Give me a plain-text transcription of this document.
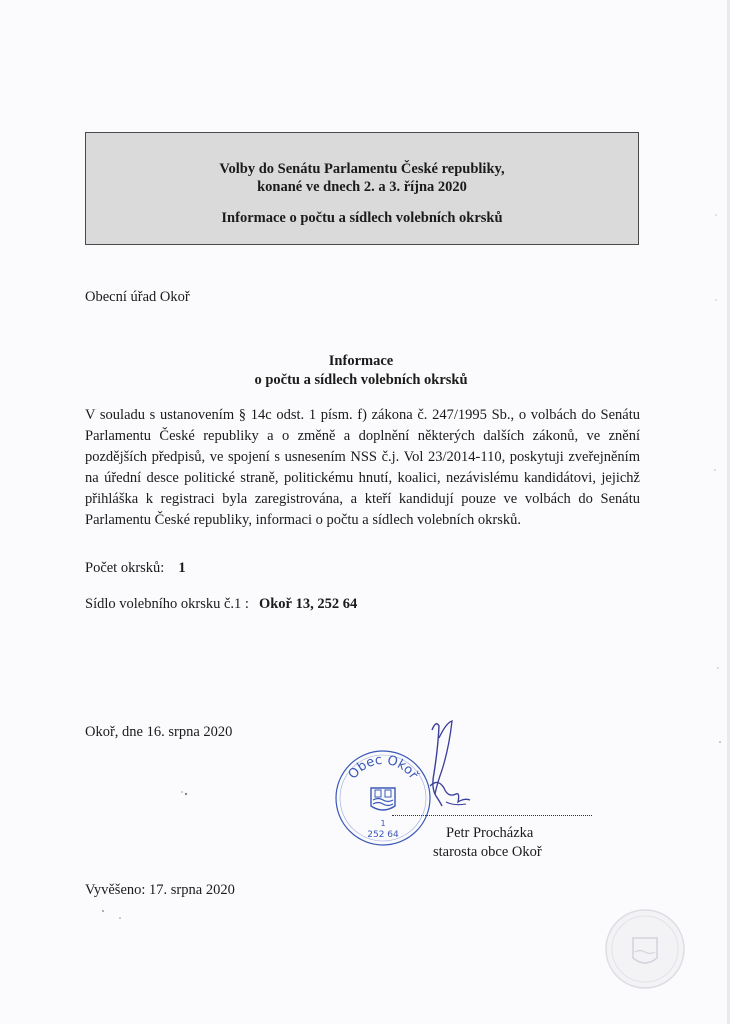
Volby do Senátu Parlamentu České republiky,
konané ve dnech 2. a 3. října 2020
Informace o počtu a sídlech volebních okrsků
Obecní úřad Okoř
Informace
o počtu a sídlech volebních okrsků
V souladu s ustanovením § 14c odst. 1 písm. f) zákona č. 247/1995 Sb., o volbách do Senátu Parlamentu České republiky a o změně a doplnění některých dalších zákonů, ve znění pozdějších předpisů, ve spojení s usnesením NSS č.j. Vol 23/2014-110, poskytuji zveřejněním na úřední desce politické straně, politickému hnutí, koalici, nezávislému kandidátovi, jejichž přihláška k registraci byla zaregistrována, a kteří kandidují pouze ve volbách do Senátu Parlamentu České republiky, informaci o počtu a sídlech volebních okrsků.
Počet okrsků: 1
Sídlo volebního okrsku č.1 : Okoř 13, 252 64
Okoř, dne 16. srpna 2020
Obec Okoř
1
252 64	Petr Procházka
starosta obce Okoř
Vyvěšeno: 17. srpna 2020
